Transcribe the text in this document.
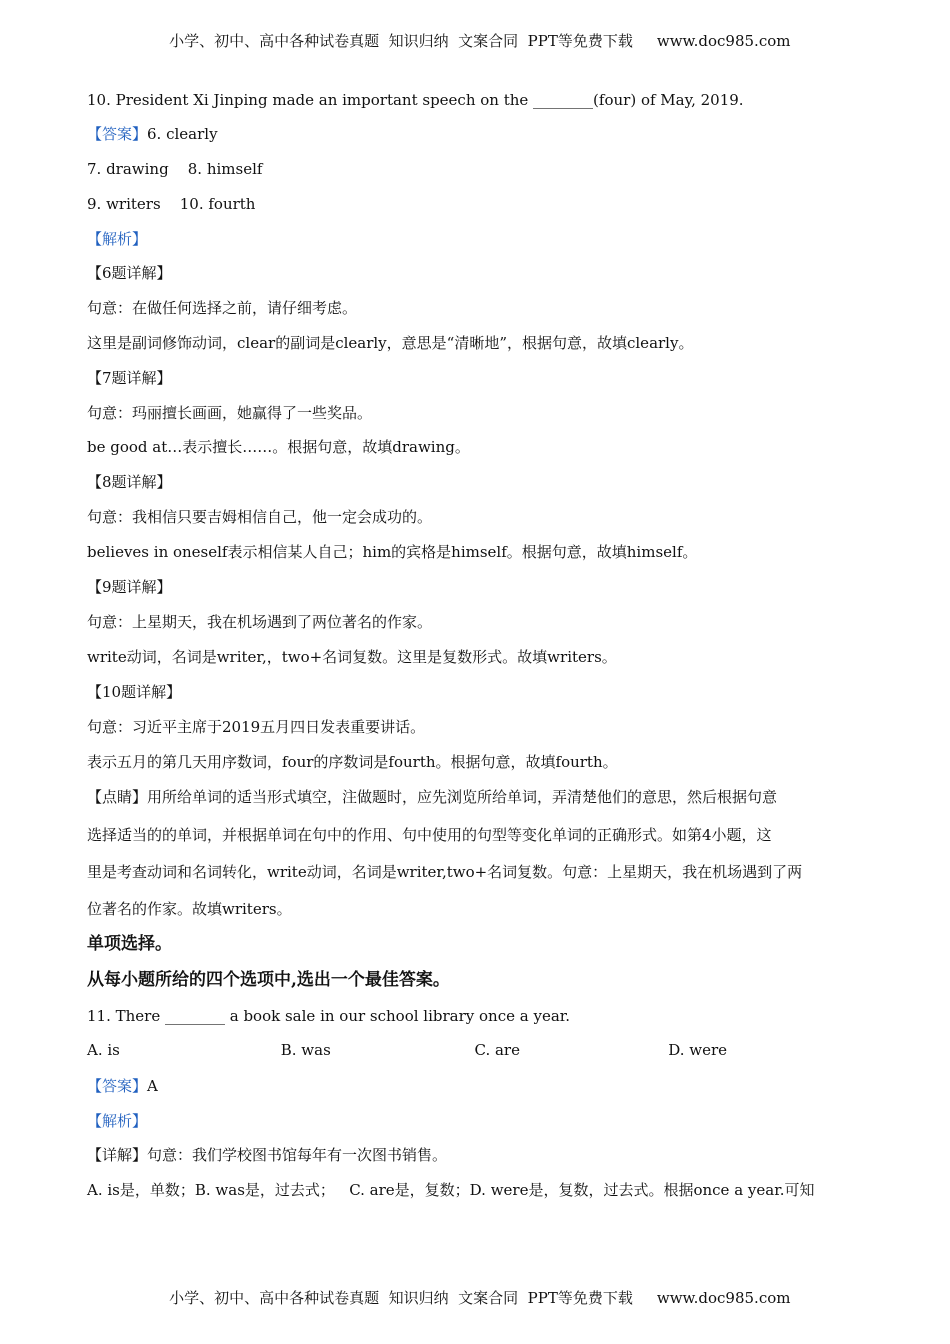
小学、初中、高中各种试卷真题  知识归纳  文案合同  PPT等免费下载 www.doc985.com

10. President Xi Jinping made an important speech on the ________(four) of May, 2019.
【答案】6. clearly
7. drawing    8. himself
9. writers    10. fourth
【解析】
【6题详解】
句意：在做任何选择之前，请仔细考虑。
这里是副词修饰动词，clear的副词是clearly，意思是“清晰地”，根据句意，故填clearly。
【7题详解】
句意：玛丽擅长画画，她赢得了一些奖品。
be good at…表示擅长……。根据句意，故填drawing。
【8题详解】
句意：我相信只要吉姆相信自己，他一定会成功的。
believes in oneself表示相信某人自己；him的宾格是himself。根据句意，故填himself。
【9题详解】
句意：上星期天，我在机场遇到了两位著名的作家。
write动词，名词是writer,，two+名词复数。这里是复数形式。故填writers。
【10题详解】
句意：习近平主席于2019五月四日发表重要讲话。
表示五月的第几天用序数词，four的序数词是fourth。根据句意，故填fourth。
【点睛】用所给单词的适当形式填空，注做题时，应先浏览所给单词，弄清楚他们的意思，然后根据句意
选择适当的的单词，并根据单词在句中的作用、句中使用的句型等变化单词的正确形式。如第4小题，这
里是考查动词和名词转化，write动词，名词是writer,two+名词复数。句意：上星期天，我在机场遇到了两
位著名的作家。故填writers。
单项选择。
从每小题所给的四个选项中,选出一个最佳答案。
11. There ________ a book sale in our school library once a year.
A. is	B. was	C. are	D. were
【答案】A
【解析】
【详解】句意：我们学校图书馆每年有一次图书销售。
A. is是，单数；B. was是，过去式；   C. are是，复数；D. were是，复数，过去式。根据once a year.可知

小学、初中、高中各种试卷真题  知识归纳  文案合同  PPT等免费下载 www.doc985.com
